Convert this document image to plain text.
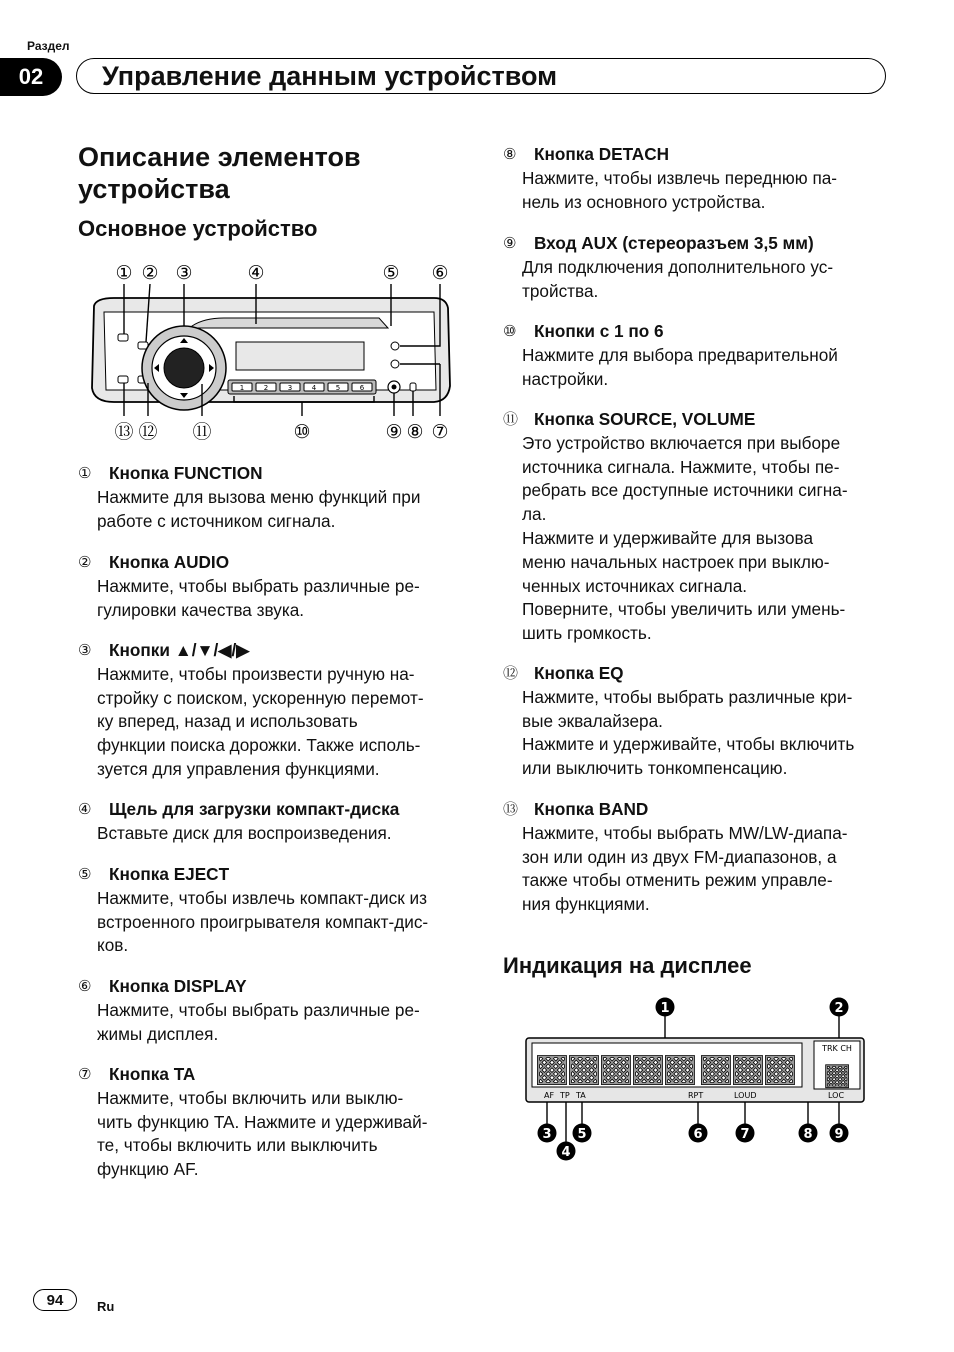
Раздел
02	Управление данным устройством
Описание элементов устройства
Основное устройство
① ② ③	④	⑤ ⑥
1	2	3	4	5	6
⑬ ⑫ ⑪	⑩	⑨ ⑧ ⑦
①	Кнопка FUNCTION
Нажмите для вызова меню функций при
работе с источником сигнала.
②	Кнопка AUDIO
Нажмите, чтобы выбрать различные ре-
гулировки качества звука.
③	Кнопки ▲/▼/◀/▶
Нажмите, чтобы произвести ручную на-
стройку с поиском, ускоренную перемот-
ку вперед, назад и использовать
функции поиска дорожки. Также исполь-
зуется для управления функциями.
④	Щель для загрузки компакт-диска
Вставьте диск для воспроизведения.
⑤	Кнопка EJECT
Нажмите, чтобы извлечь компакт-диск из
встроенного проигрывателя компакт-дис-
ков.
⑥	Кнопка DISPLAY
Нажмите, чтобы выбрать различные ре-
жимы дисплея.
⑦	Кнопка TA
Нажмите, чтобы включить или выклю-
чить функцию TA. Нажмите и удерживай-
те, чтобы включить или выключить
функцию AF.
⑧	Кнопка DETACH
Нажмите, чтобы извлечь переднюю па-
нель из основного устройства.
⑨	Вход AUX (стереоразъем 3,5 мм)
Для подключения дополнительного ус-
тройства.
⑩	Кнопки с 1 по 6
Нажмите для выбора предварительной
настройки.
⑪ Кнопка SOURCE, VOLUME
Это устройство включается при выборе
источника сигнала. Нажмите, чтобы пе-
ребрать все доступные источники сигна-
ла.
Нажмите и удерживайте для вызова
меню начальных настроек при выклю-
ченных источниках сигнала.
Поверните, чтобы увеличить или умень-
шить громкость.
⑫ Кнопка EQ
Нажмите, чтобы выбрать различные кри-
вые эквалайзера.
Нажмите и удерживайте, чтобы включить
или выключить тонкомпенсацию.
⑬ Кнопка BAND
Нажмите, чтобы выбрать MW/LW-диапа-
зон или один из двух FM-диапазонов, а
также чтобы отменить режим управле-
ния функциями.
Индикация на дисплее
▩
▩
▩
▩
▩ ▩
▩
▩	TRK CH
▩
AF TP TA	RPT	LOUD	LOC
1	2
3
4
5	6	7	8 9
94	Ru
